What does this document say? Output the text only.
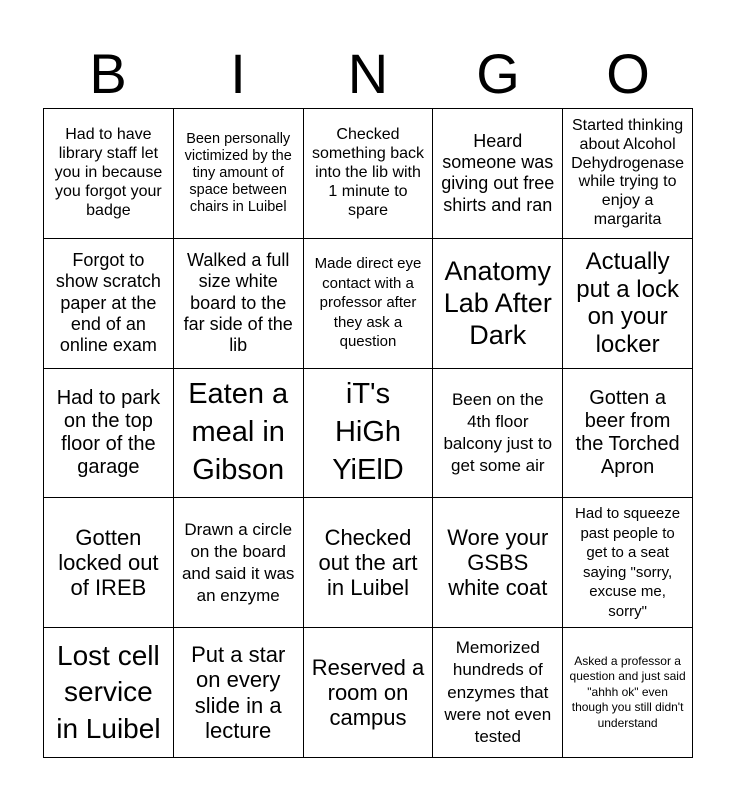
B	I	N	G	O
Had to have library staff let you in because you forgot your badge
Been personally victimized by the tiny amount of space between chairs in Luibel
Checked something back into the lib with 1 minute to spare
Heard someone was giving out free shirts and ran
Started thinking about Alcohol Dehydrogenase while trying to enjoy a margarita
Forgot to show scratch paper at the end of an online exam
Walked a full size white board to the far side of the lib
Made direct eye contact with a professor after they ask a question
Anatomy Lab After Dark
Actually put a lock on your locker
Had to park on the top floor of the garage
Eaten a meal in Gibson
iT's HiGh YiElD
Been on the 4th floor balcony just to get some air
Gotten a beer from the Torched Apron
Gotten locked out of IREB
Drawn a circle on the board and said it was an enzyme
Checked out the art in Luibel
Wore your GSBS white coat
Had to squeeze past people to get to a seat saying "sorry, excuse me, sorry"
Lost cell service in Luibel
Put a star on every slide in a lecture
Reserved a room on campus
Memorized hundreds of enzymes that were not even tested
Asked a professor a question and just said "ahhh ok" even though you still didn't understand
